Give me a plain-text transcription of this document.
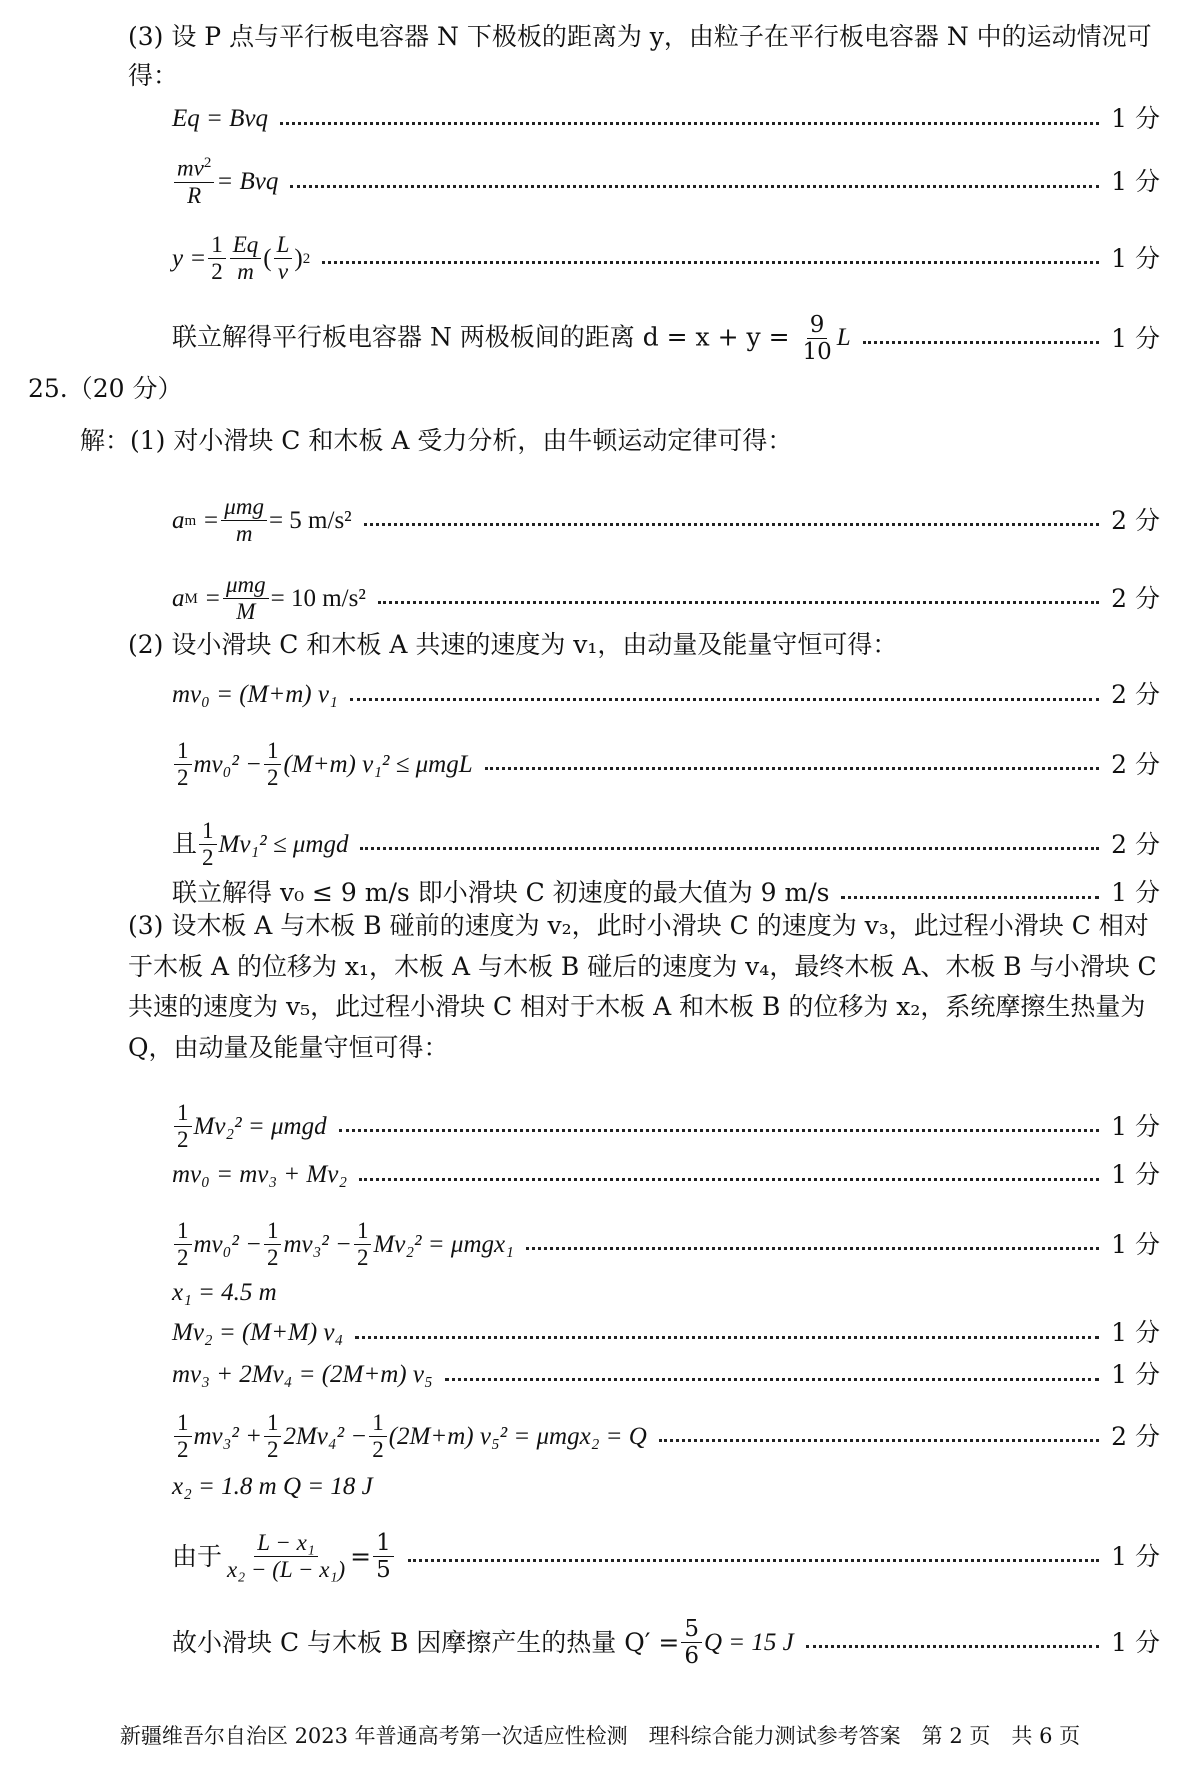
(3) 设 P 点与平行板电容器 N 下极板的距离为 y，由粒子在平行板电容器 N 中的运动情况可得：
Eq = Bvq	1 分
$\frac{mv^2}{R}$ = Bvq	1 分
$y = \frac{1}{2} \frac{Eq}{m}$ ( $\frac{L}{v}$ ) 2	1 分
联立解得平行板电容器 N 两极板间的距离 $d = x + y = \frac{9}{10}$ L	1 分
25.（20 分）
解：(1) 对小滑块 C 和木板 A 受力分析，由牛顿运动定律可得：
a $m = \frac{\text{μmg}}{m} = 5$ m/s²	2 分
a $M = \frac{\text{μmg}}{M} = 10$ m/s²	2 分
(2) 设小滑块 C 和木板 A 共速的速度为 v₁，由动量及能量守恒可得：
mv₀ = (M+m) v₁	2 分
$\frac{1}{2} mv_0^2 - \frac{1}{2} (M+m) v_1^2 \le \mu mgL$	2 分
且 $\frac{1}{2} Mv_1^2 \le \mu mgd$	2 分
联立解得 v₀ ≤ 9 m/s 即小滑块 C 初速度的最大值为 9 m/s	1 分
(3) 设木板 A 与木板 B 碰前的速度为 v₂，此时小滑块 C 的速度为 v₃，此过程小滑块 C 相对于木板 A 的位移为 x₁，木板 A 与木板 B 碰后的速度为 v₄，最终木板 A、木板 B 与小滑块 C 共速的速度为 v₅，此过程小滑块 C 相对于木板 A 和木板 B 的位移为 x₂，系统摩擦生热量为 Q，由动量及能量守恒可得：
$\frac{1}{2} Mv_2^2 = \mu mgd$	1 分
mv₀ = mv₃ + Mv₂	1 分
$\frac{1}{2} mv_0^2 - \frac{1}{2} mv_3^2 - \frac{1}{2} Mv_2^2 = \mu mgx_1$	1 分
x₁ = 4.5 m
Mv₂ = (M+M) v₄	1 分
mv₃ + 2Mv₄ = (2M+m) v₅	1 分
$\frac{1}{2} mv_3^2 + \frac{1}{2} 2Mv_4^2 - \frac{1}{2} (2M+m) v_5^2 = \mu mgx_2 = Q$	2 分
x₂ = 1.8 m Q = 18 J
由于 $\frac{\text{L − x₁}}{\text{x₂ − (L − x₁)}} = \frac{1}{5}$	1 分
故小滑块 C 与木板 B 因摩擦产生的热量 $Q' = \frac{5}{6}$ Q = 15 J	1 分
新疆维吾尔自治区 2023 年普通高考第一次适应性检测　理科综合能力测试参考答案　第 2 页　共 6 页
